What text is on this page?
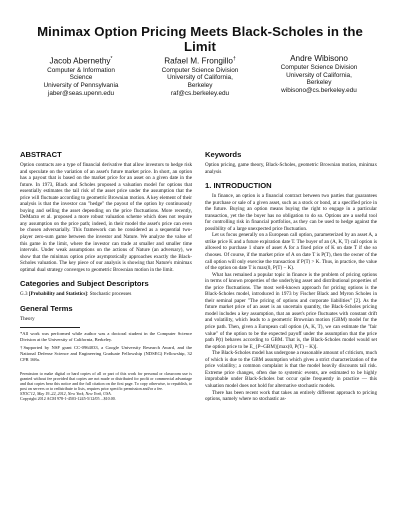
Minimax Option Pricing Meets Black-Scholes in the Limit
Jacob Abernethy*
Computer & Information
Science
University of Pennsylvania
jaber@seas.upenn.edu
Rafael M. Frongillo†
Computer Science Division
University of California,
Berkeley
raf@cs.berkeley.edu
Andre Wibisono
Computer Science Division
University of California,
Berkeley
wibisono@cs.berkeley.edu
ABSTRACT
Option contracts are a type of financial derivative that allow investors to hedge risk and speculate on the variation of an asset's future market price. In short, an option has a payout that is based on the market price for an asset on a given date in the future. In 1973, Black and Scholes proposed a valuation model for options that essentially estimates the tail risk of the asset price under the assumption that the price will fluctuate according to geometric Brownian motion. A key element of their analysis is that the investor can "hedge" the payout of the option by continuously buying and selling the asset depending on the price fluctuations. More recently, DeMarzo et al. proposed a more robust valuation scheme which does not require any assumption on the price path; indeed, in their model the asset's price can even be chosen adversarially. This framework can be considered as a sequential two-player zero-sum game between the investor and Nature. We analyze the value of this game in the limit, where the investor can trade at smaller and smaller time intervals. Under weak assumptions on the actions of Nature (an adversary), we show that the minimax option price asymptotically approaches exactly the Black-Scholes valuation. The key piece of our analysis is showing that Nature's minimax optimal dual strategy converges to geometric Brownian motion in the limit.
Categories and Subject Descriptors
G.3 [Probability and Statistics]: Stochastic processes
General Terms
Theory
*All work was performed while author was a doctoral student in the Computer Science Division at the University of California, Berkeley.
†Supported by NSF grant CC-0964033, a Google University Research Award, and the National Defense Science and Engineering Graduate Fellowship (NDSEG) Fellowship, 32 CFR 168a.
Permission to make digital or hard copies of all or part of this work for personal or classroom use is granted without fee provided that copies are not made or distributed for profit or commercial advantage and that copies bear this notice and the full citation on the first page. To copy otherwise, to republish, to post on servers or to redistribute to lists, requires prior specific permission and/or a fee.
STOC'12, May 19–22, 2012, New York, New York, USA.
Copyright 2012 ACM 978-1-4503-1245-5/12/05 ...$10.00.
Keywords
Option pricing, game theory, Black-Scholes, geometric Brownian motion, minimax analysis
1. INTRODUCTION
In finance, an option is a financial contract between two parties that guarantees the purchase or sale of a given asset, such as a stock or bond, at a specified price in the future. Buying an option means buying the right to engage in a particular transaction, yet the the buyer has no obligation to do so. Options are a useful tool for controlling risk in financial portfolios, as they can be used to hedge against the possibility of a large unexpected price fluctuation.
Let us focus generally on a European call option, parameterized by an asset A, a strike price K and a future expiration date T. The buyer of an (A, K, T) call option is allowed to purchase 1 share of asset A for a fixed price of K on date T if she so chooses. Of course, if the market price of A on date T is P(T), then the owner of the call option will only exercise the transaction if P(T) > K. Thus, in practice, the value of the option on date T is max(0, P(T) − K).
What has remained a popular topic in finance is the problem of pricing options in terms of known properties of the underlying asset and distributional properties of the price fluctuations. The most well-known approach for pricing options is the Black-Scholes model, introduced in 1973 by Fischer Black and Myron Scholes in their seminal paper "The pricing of options and corporate liabilities" [2]. As the future market price of an asset is an uncertain quantity, the Black-Scholes pricing model includes a key assumption, that an asset's price fluctuates with constant drift and volatility, which leads to a geometric Brownian motion (GBM) model for the price path. Then, given a European call option (A, K, T), we can estimate the "fair value" of the option to be the expected payoff under the assumption that the price path P(t) behaves according to GBM. That is, the Black-Scholes model would set the option price to be E_{P~GBM}[max(0, P(T) − K)].
The Black-Scholes model has undergone a reasonable amount of criticism, much of which is due to the GBM assumption which gives a strict characterization of the price volatility; a common complaint is that the model heavily discounts tail risk. Extreme price changes, often due to systemic events, are estimated to be highly improbable under Black-Scholes but occur quite frequently in practice — this valuation model does not hold for alternative stochastic models.
There has been recent work that takes an entirely different approach to pricing options, namely where no stochastic as-
